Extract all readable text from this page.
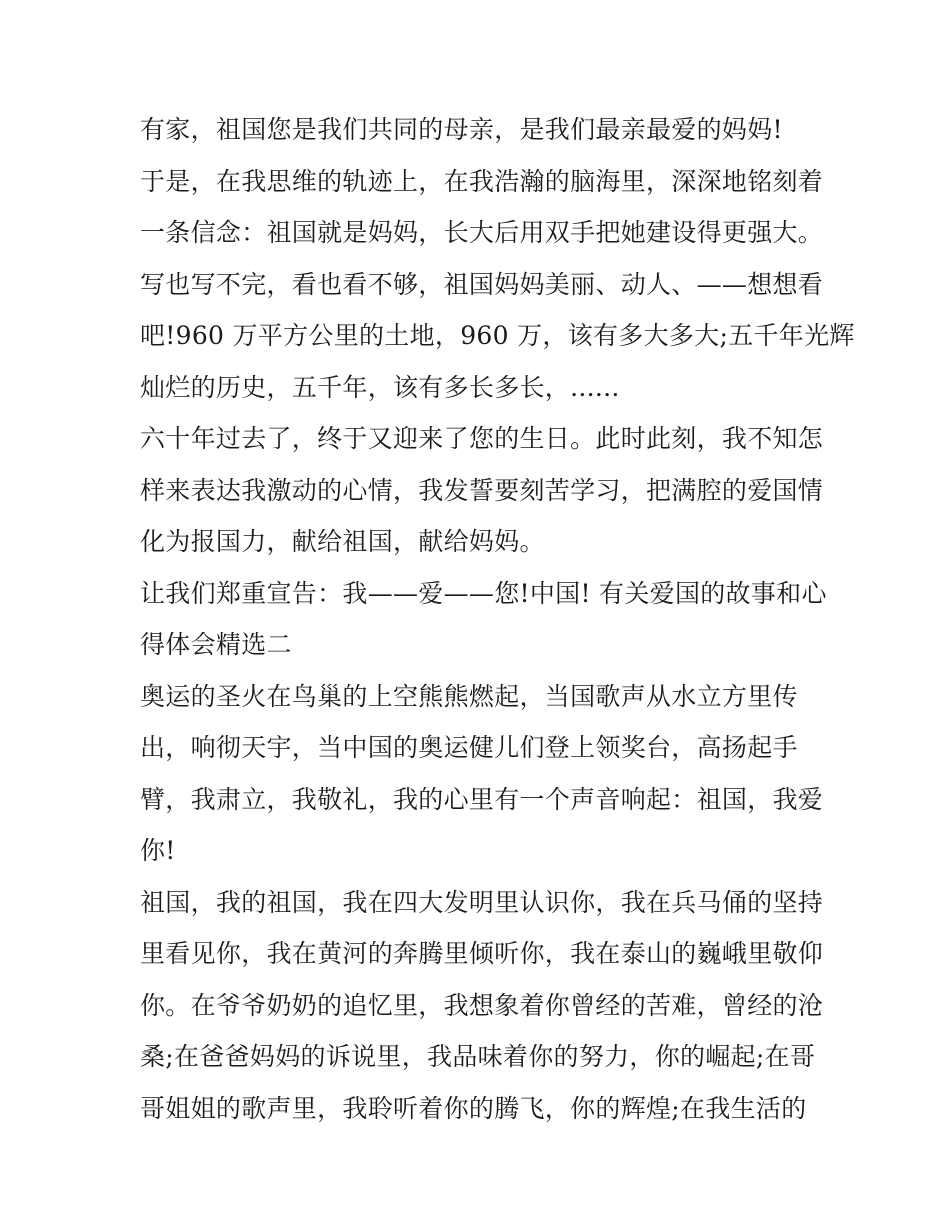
有家，祖国您是我们共同的母亲，是我们最亲最爱的妈妈!
于是，在我思维的轨迹上，在我浩瀚的脑海里，深深地铭刻着
一条信念：祖国就是妈妈，长大后用双手把她建设得更强大。
写也写不完，看也看不够，祖国妈妈美丽、动人、——想想看
吧!960 万平方公里的土地，960 万，该有多大多大;五千年光辉
灿烂的历史，五千年，该有多长多长，......
六十年过去了，终于又迎来了您的生日。此时此刻，我不知怎
样来表达我激动的心情，我发誓要刻苦学习，把满腔的爱国情
化为报国力，献给祖国，献给妈妈。
让我们郑重宣告：我——爱——您!中国! 有关爱国的故事和心
得体会精选二
奥运的圣火在鸟巢的上空熊熊燃起，当国歌声从水立方里传
出，响彻天宇，当中国的奥运健儿们登上领奖台，高扬起手
臂，我肃立，我敬礼，我的心里有一个声音响起：祖国，我爱
你!
祖国，我的祖国，我在四大发明里认识你，我在兵马俑的坚持
里看见你，我在黄河的奔腾里倾听你，我在泰山的巍峨里敬仰
你。在爷爷奶奶的追忆里，我想象着你曾经的苦难，曾经的沧
桑;在爸爸妈妈的诉说里，我品味着你的努力，你的崛起;在哥
哥姐姐的歌声里，我聆听着你的腾飞，你的辉煌;在我生活的
